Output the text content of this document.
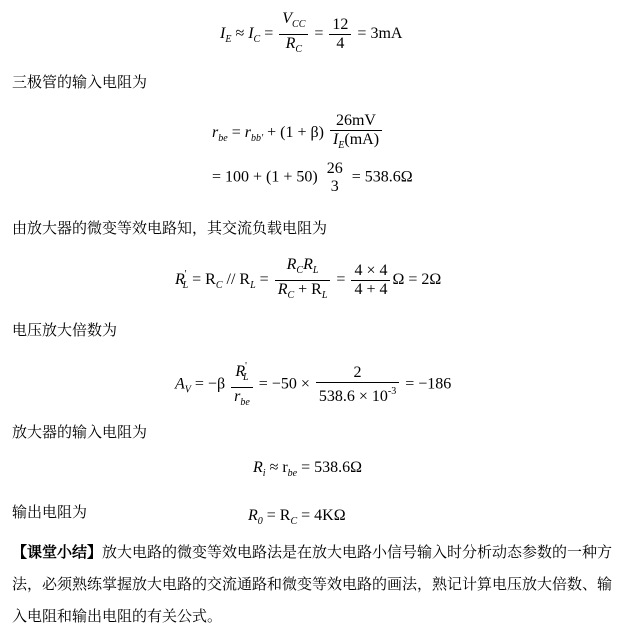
$I_E \approx I_C = \frac{V_{CC}}{R_C} = \frac{12}{4} = 3mA$
三极管的输入电阻为
$r_{be} = r_{bb'} + (1 + \beta) \frac{26mV}{I_E(mA)}$
= 100 + (1 + 50)
26
3
= 538.6Ω
由放大器的微变等效电路知，其交流负载电阻为
$R'_L = R_C // R_L = \frac{R_CR_L}{R_C + R_L} = \frac{4 \times 4}{4 + 4}$ Ω = 2Ω
电压放大倍数为
$A_V = -\beta \frac{R'_L}{r_{be}} = -50 \times \frac{2}{538.6 \times 10^{-3}} = -186$
放大器的输入电阻为
$R_i \approx r_{be} = 538.6\Omega$
输出电阻为	$R_0 = R_C = 4K\Omega$
【课堂小结】放大电路的微变等效电路法是在放大电路小信号输入时分析动态参数的一种方法，必须熟练掌握放大电路的交流通路和微变等效电路的画法，熟记计算电压放大倍数、输入电阻和输出电阻的有关公式。
